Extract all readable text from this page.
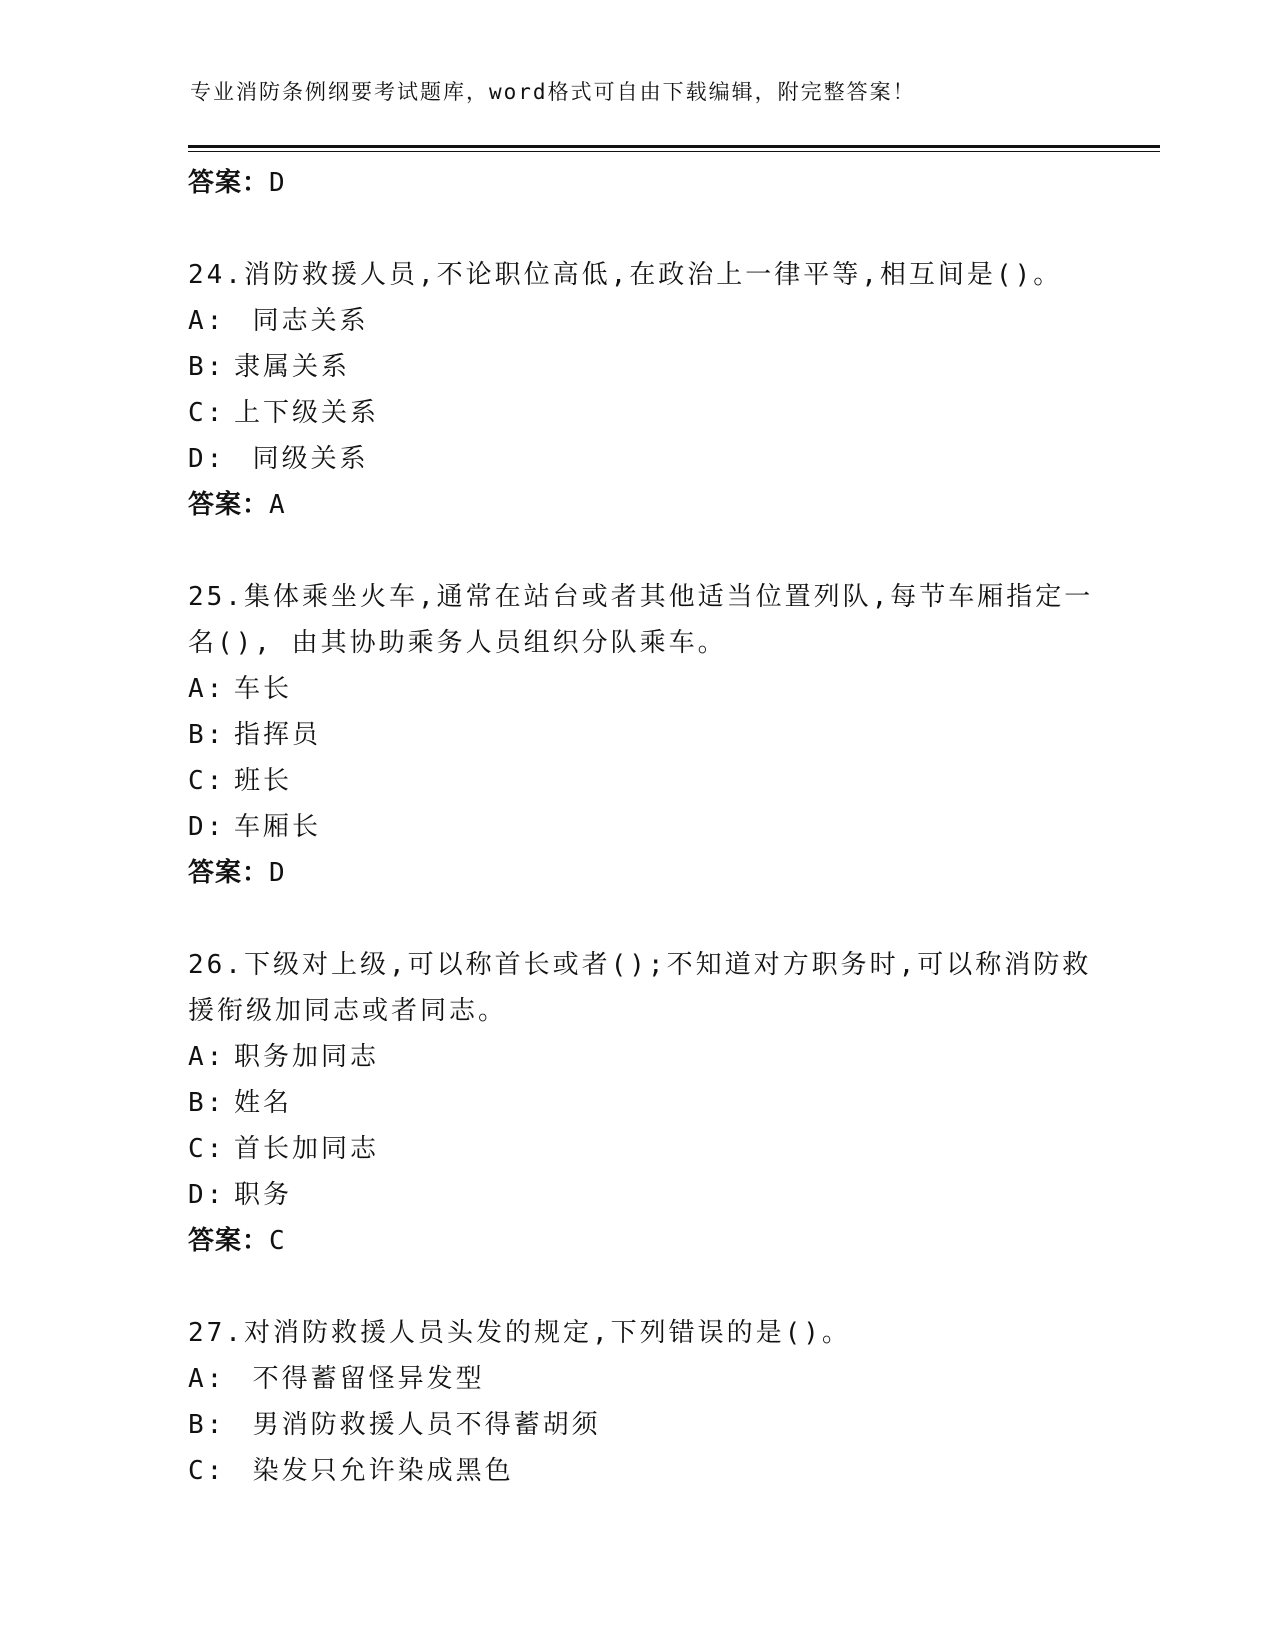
专业消防条例纲要考试题库，word格式可自由下载编辑，附完整答案！
答案：D
24.消防救援人员,不论职位高低,在政治上一律平等,相互间是()。
A: 同志关系
B: 隶属关系
C: 上下级关系
D: 同级关系
答案：A
25.集体乘坐火车,通常在站台或者其他适当位置列队,每节车厢指定一
名(), 由其协助乘务人员组织分队乘车。
A: 车长
B: 指挥员
C: 班长
D: 车厢长
答案：D
26.下级对上级,可以称首长或者();不知道对方职务时,可以称消防救
援衔级加同志或者同志。
A: 职务加同志
B: 姓名
C: 首长加同志
D: 职务
答案：C
27.对消防救援人员头发的规定,下列错误的是()。
A: 不得蓄留怪异发型
B: 男消防救援人员不得蓄胡须
C: 染发只允许染成黑色
